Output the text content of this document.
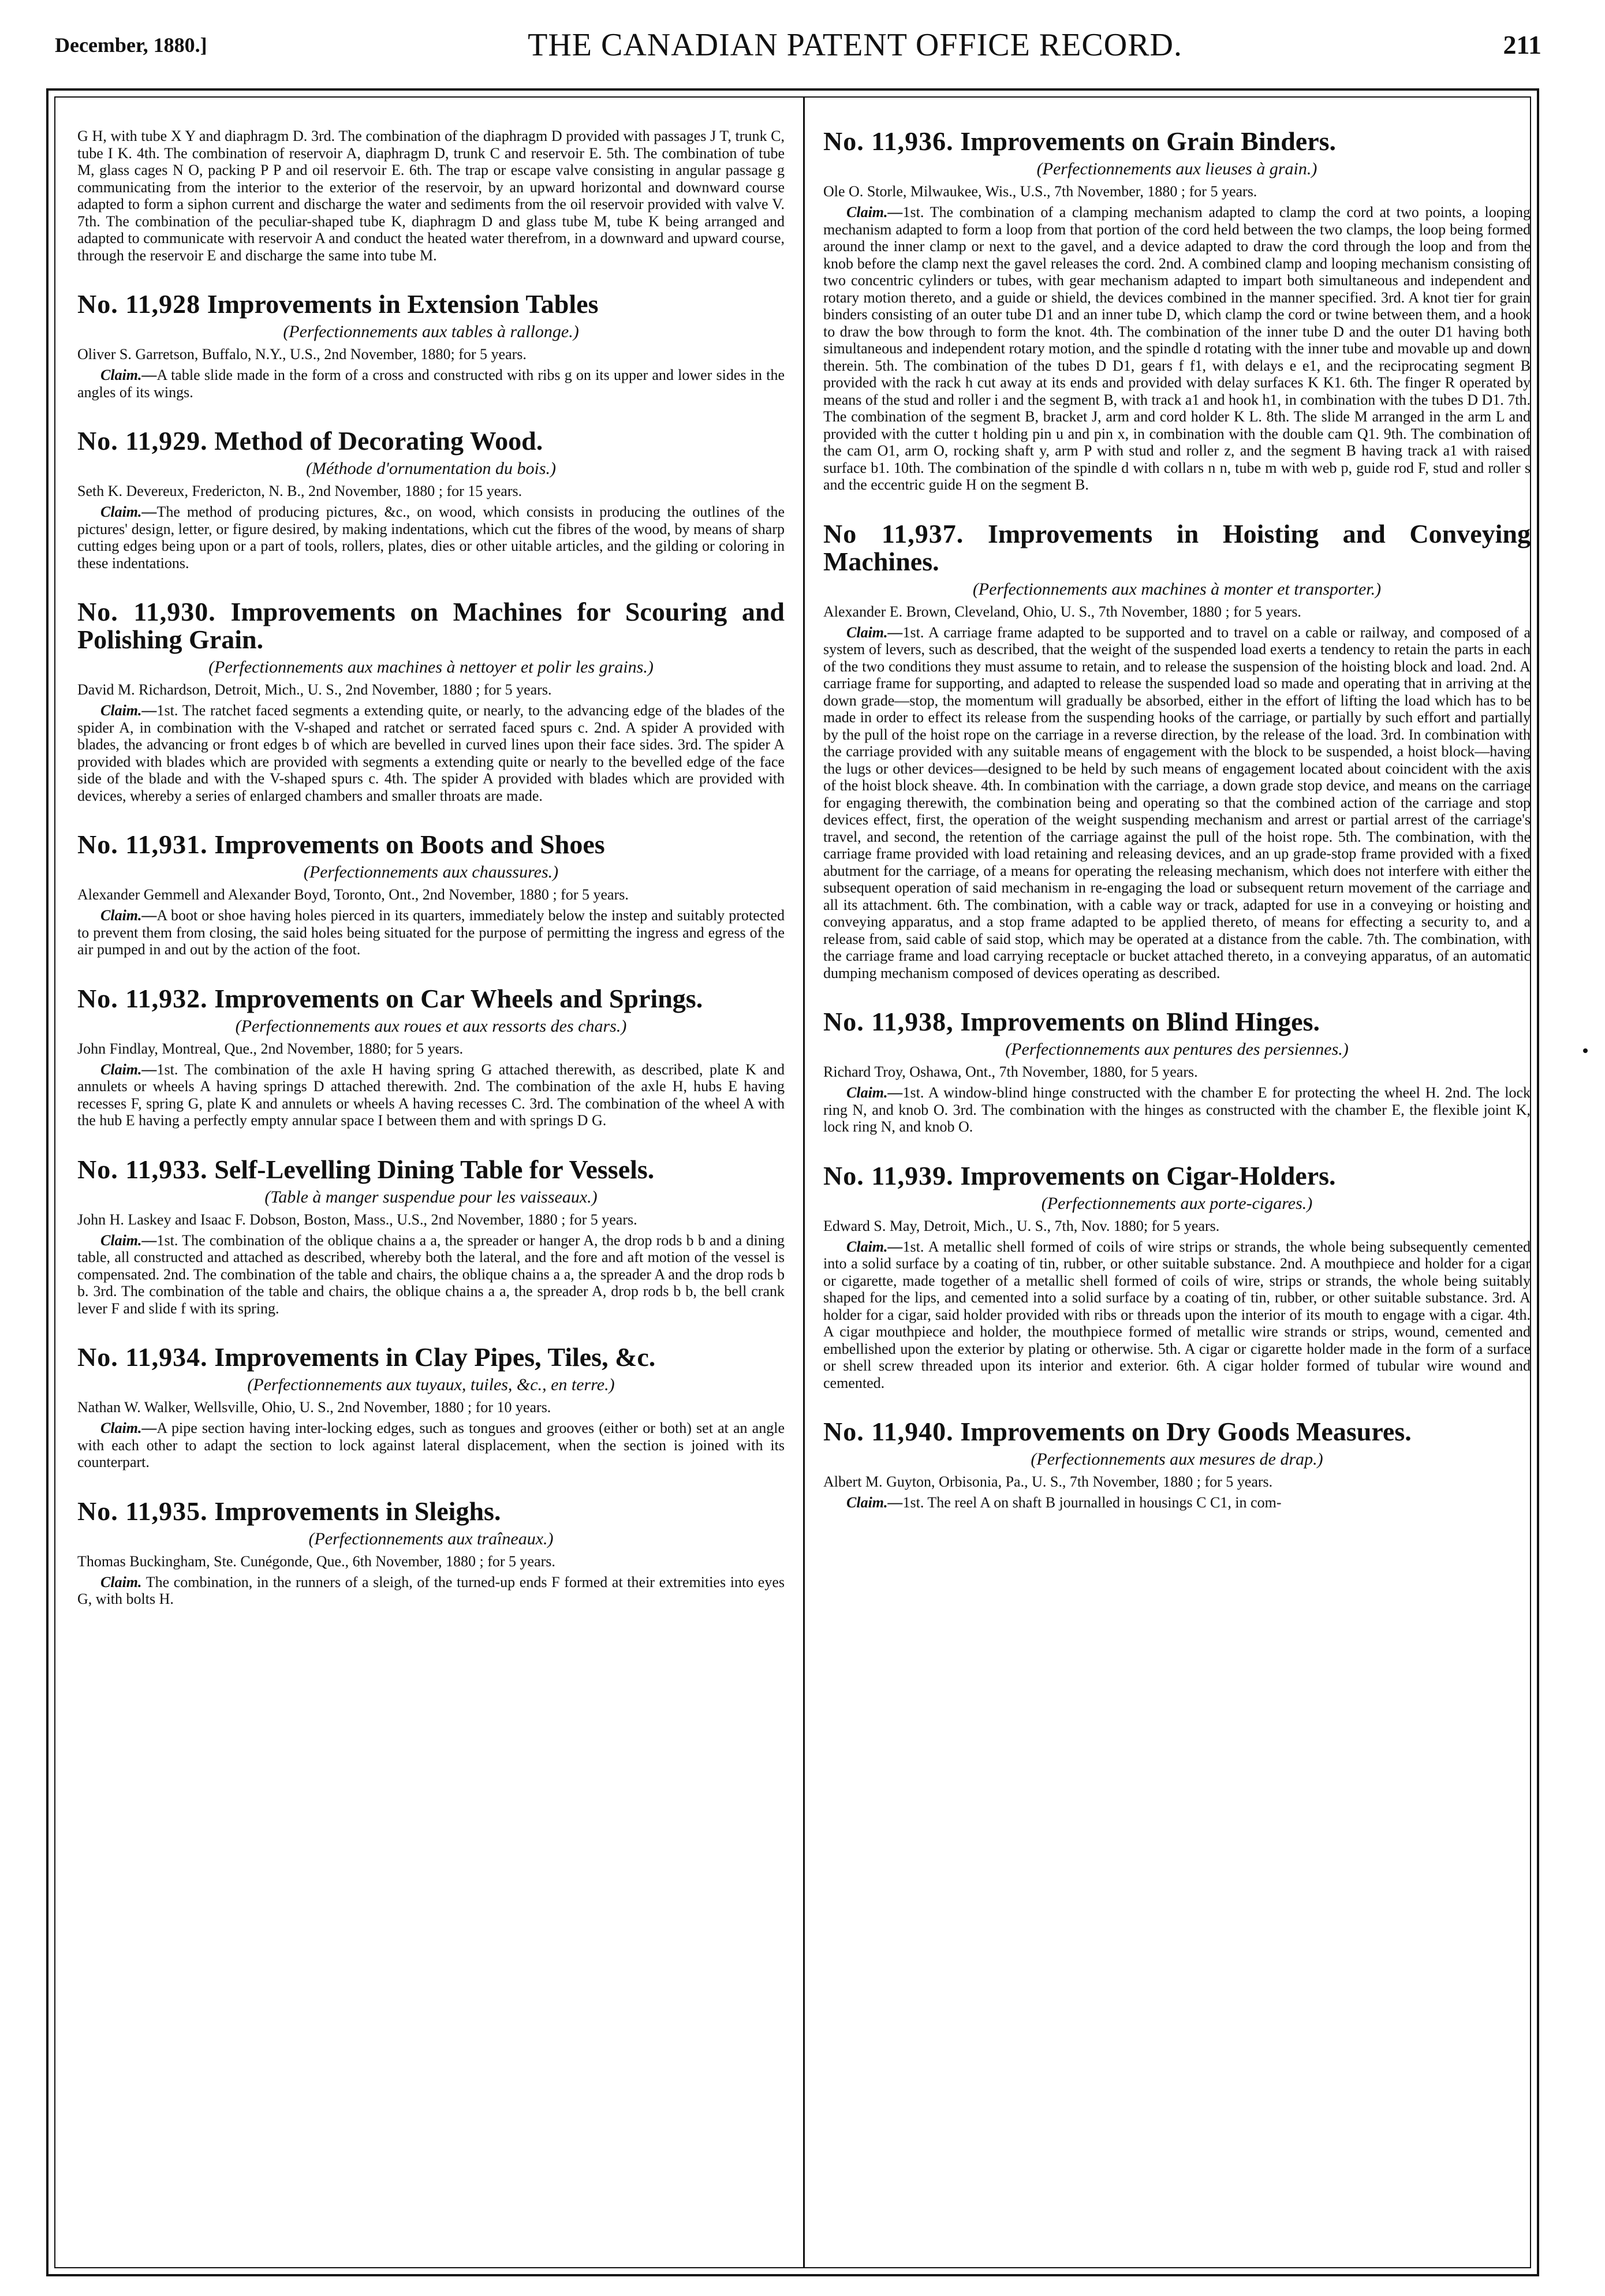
December, 1880.]	THE CANADIAN PATENT OFFICE RECORD.	211

G H, with tube X Y and diaphragm D. 3rd. The combination of the diaphragm D provided with passages J T, trunk C, tube I K. 4th. The combination of reservoir A, diaphragm D, trunk C and reservoir E. 5th. The combination of tube M, glass cages N O, packing P P and oil reservoir E. 6th. The trap or escape valve consisting in angular passage g communicating from the interior to the exterior of the reservoir, by an upward horizontal and downward course adapted to form a siphon current and discharge the water and sediments from the oil reservoir provided with valve V. 7th. The combination of the peculiar-shaped tube K, diaphragm D and glass tube M, tube K being arranged and adapted to communicate with reservoir A and conduct the heated water therefrom, in a downward and upward course, through the reservoir E and discharge the same into tube M.

No. 11,928 Improvements in Extension Tables
(Perfectionnements aux tables à rallonge.)

Oliver S. Garretson, Buffalo, N.Y., U.S., 2nd November, 1880; for 5 years.

Claim.—A table slide made in the form of a cross and constructed with ribs g on its upper and lower sides in the angles of its wings.

No. 11,929. Method of Decorating Wood.
(Méthode d'ornumentation du bois.)

Seth K. Devereux, Fredericton, N. B., 2nd November, 1880 ; for 15 years.

Claim.—The method of producing pictures, &c., on wood, which consists in producing the outlines of the pictures' design, letter, or figure desired, by making indentations, which cut the fibres of the wood, by means of sharp cutting edges being upon or a part of tools, rollers, plates, dies or other uitable articles, and the gilding or coloring in these indentations.

No. 11,930. Improvements on Machines for Scouring and Polishing Grain.
(Perfectionnements aux machines à nettoyer et polir les grains.)

David M. Richardson, Detroit, Mich., U. S., 2nd November, 1880 ; for 5 years.

Claim.—1st. The ratchet faced segments a extending quite, or nearly, to the advancing edge of the blades of the spider A, in combination with the V-shaped and ratchet or serrated faced spurs c. 2nd. A spider A provided with blades, the advancing or front edges b of which are bevelled in curved lines upon their face sides. 3rd. The spider A provided with blades which are provided with segments a extending quite or nearly to the bevelled edge of the face side of the blade and with the V-shaped spurs c. 4th. The spider A provided with blades which are provided with devices, whereby a series of enlarged chambers and smaller throats are made.

No. 11,931. Improvements on Boots and Shoes
(Perfectionnements aux chaussures.)

Alexander Gemmell and Alexander Boyd, Toronto, Ont., 2nd November, 1880 ; for 5 years.

Claim.—A boot or shoe having holes pierced in its quarters, immediately below the instep and suitably protected to prevent them from closing, the said holes being situated for the purpose of permitting the ingress and egress of the air pumped in and out by the action of the foot.

No. 11,932. Improvements on Car Wheels and Springs.
(Perfectionnements aux roues et aux ressorts des chars.)

John Findlay, Montreal, Que., 2nd November, 1880; for 5 years.

Claim.—1st. The combination of the axle H having spring G attached therewith, as described, plate K and annulets or wheels A having springs D attached therewith. 2nd. The combination of the axle H, hubs E having recesses F, spring G, plate K and annulets or wheels A having recesses C. 3rd. The combination of the wheel A with the hub E having a perfectly empty annular space I between them and with springs D G.

No. 11,933. Self-Levelling Dining Table for Vessels.
(Table à manger suspendue pour les vaisseaux.)

John H. Laskey and Isaac F. Dobson, Boston, Mass., U.S., 2nd November, 1880 ; for 5 years.

Claim.—1st. The combination of the oblique chains a a, the spreader or hanger A, the drop rods b b and a dining table, all constructed and attached as described, whereby both the lateral, and the fore and aft motion of the vessel is compensated. 2nd. The combination of the table and chairs, the oblique chains a a, the spreader A and the drop rods b b. 3rd. The combination of the table and chairs, the oblique chains a a, the spreader A, drop rods b b, the bell crank lever F and slide f with its spring.

No. 11,934. Improvements in Clay Pipes, Tiles, &c.
(Perfectionnements aux tuyaux, tuiles, &c., en terre.)

Nathan W. Walker, Wellsville, Ohio, U. S., 2nd November, 1880 ; for 10 years.

Claim.—A pipe section having inter-locking edges, such as tongues and grooves (either or both) set at an angle with each other to adapt the section to lock against lateral displacement, when the section is joined with its counterpart.

No. 11,935. Improvements in Sleighs.
(Perfectionnements aux traîneaux.)

Thomas Buckingham, Ste. Cunégonde, Que., 6th November, 1880 ; for 5 years.

Claim. The combination, in the runners of a sleigh, of the turned-up ends F formed at their extremities into eyes G, with bolts H.

No. 11,936. Improvements on Grain Binders.
(Perfectionnements aux lieuses à grain.)

Ole O. Storle, Milwaukee, Wis., U.S., 7th November, 1880 ; for 5 years.

Claim.—1st. The combination of a clamping mechanism adapted to clamp the cord at two points, a looping mechanism adapted to form a loop from that portion of the cord held between the two clamps, the loop being formed around the inner clamp or next to the gavel, and a device adapted to draw the cord through the loop and from the knob before the clamp next the gavel releases the cord. 2nd. A combined clamp and looping mechanism consisting of two concentric cylinders or tubes, with gear mechanism adapted to impart both simultaneous and independent and rotary motion thereto, and a guide or shield, the devices combined in the manner specified. 3rd. A knot tier for grain binders consisting of an outer tube D1 and an inner tube D, which clamp the cord or twine between them, and a hook to draw the bow through to form the knot. 4th. The combination of the inner tube D and the outer D1 having both simultaneous and independent rotary motion, and the spindle d rotating with the inner tube and movable up and down therein. 5th. The combination of the tubes D D1, gears f f1, with delays e e1, and the reciprocating segment B provided with the rack h cut away at its ends and provided with delay surfaces K K1. 6th. The finger R operated by means of the stud and roller i and the segment B, with track a1 and hook h1, in combination with the tubes D D1. 7th. The combination of the segment B, bracket J, arm and cord holder K L. 8th. The slide M arranged in the arm L and provided with the cutter t holding pin u and pin x, in combination with the double cam Q1. 9th. The combination of the cam O1, arm O, rocking shaft y, arm P with stud and roller z, and the segment B having track a1 with raised surface b1. 10th. The combination of the spindle d with collars n n, tube m with web p, guide rod F, stud and roller s and the eccentric guide H on the segment B.

No 11,937. Improvements in Hoisting and Conveying Machines.
(Perfectionnements aux machines à monter et transporter.)

Alexander E. Brown, Cleveland, Ohio, U. S., 7th November, 1880 ; for 5 years.

Claim.—1st. A carriage frame adapted to be supported and to travel on a cable or railway, and composed of a system of levers, such as described, that the weight of the suspended load exerts a tendency to retain the parts in each of the two conditions they must assume to retain, and to release the suspension of the hoisting block and load. 2nd. A carriage frame for supporting, and adapted to release the suspended load so made and operating that in arriving at the down grade—stop, the momentum will gradually be absorbed, either in the effort of lifting the load which has to be made in order to effect its release from the suspending hooks of the carriage, or partially by such effort and partially by the pull of the hoist rope on the carriage in a reverse direction, by the release of the load. 3rd. In combination with the carriage provided with any suitable means of engagement with the block to be suspended, a hoist block—having the lugs or other devices—designed to be held by such means of engagement located about coincident with the axis of the hoist block sheave. 4th. In combination with the carriage, a down grade stop device, and means on the carriage for engaging therewith, the combination being and operating so that the combined action of the carriage and stop devices effect, first, the operation of the weight suspending mechanism and arrest or partial arrest of the carriage's travel, and second, the retention of the carriage against the pull of the hoist rope. 5th. The combination, with the carriage frame provided with load retaining and releasing devices, and an up grade-stop frame provided with a fixed abutment for the carriage, of a means for operating the releasing mechanism, which does not interfere with either the subsequent operation of said mechanism in re-engaging the load or subsequent return movement of the carriage and all its attachment. 6th. The combination, with a cable way or track, adapted for use in a conveying or hoisting and conveying apparatus, and a stop frame adapted to be applied thereto, of means for effecting a security to, and a release from, said cable of said stop, which may be operated at a distance from the cable. 7th. The combination, with the carriage frame and load carrying receptacle or bucket attached thereto, in a conveying apparatus, of an automatic dumping mechanism composed of devices operating as described.

No. 11,938, Improvements on Blind Hinges.
(Perfectionnements aux pentures des persiennes.)

Richard Troy, Oshawa, Ont., 7th November, 1880, for 5 years.

Claim.—1st. A window-blind hinge constructed with the chamber E for protecting the wheel H. 2nd. The lock ring N, and knob O. 3rd. The combination with the hinges as constructed with the chamber E, the flexible joint K, lock ring N, and knob O.

No. 11,939. Improvements on Cigar-Holders.
(Perfectionnements aux porte-cigares.)

Edward S. May, Detroit, Mich., U. S., 7th, Nov. 1880; for 5 years.

Claim.—1st. A metallic shell formed of coils of wire strips or strands, the whole being subsequently cemented into a solid surface by a coating of tin, rubber, or other suitable substance. 2nd. A mouthpiece and holder for a cigar or cigarette, made together of a metallic shell formed of coils of wire, strips or strands, the whole being suitably shaped for the lips, and cemented into a solid surface by a coating of tin, rubber, or other suitable substance. 3rd. A holder for a cigar, said holder provided with ribs or threads upon the interior of its mouth to engage with a cigar. 4th. A cigar mouthpiece and holder, the mouthpiece formed of metallic wire strands or strips, wound, cemented and embellished upon the exterior by plating or otherwise. 5th. A cigar or cigarette holder made in the form of a surface or shell screw threaded upon its interior and exterior. 6th. A cigar holder formed of tubular wire wound and cemented.

No. 11,940. Improvements on Dry Goods Measures.
(Perfectionnements aux mesures de drap.)

Albert M. Guyton, Orbisonia, Pa., U. S., 7th November, 1880 ; for 5 years.

Claim.—1st. The reel A on shaft B journalled in housings C C1, in com-
